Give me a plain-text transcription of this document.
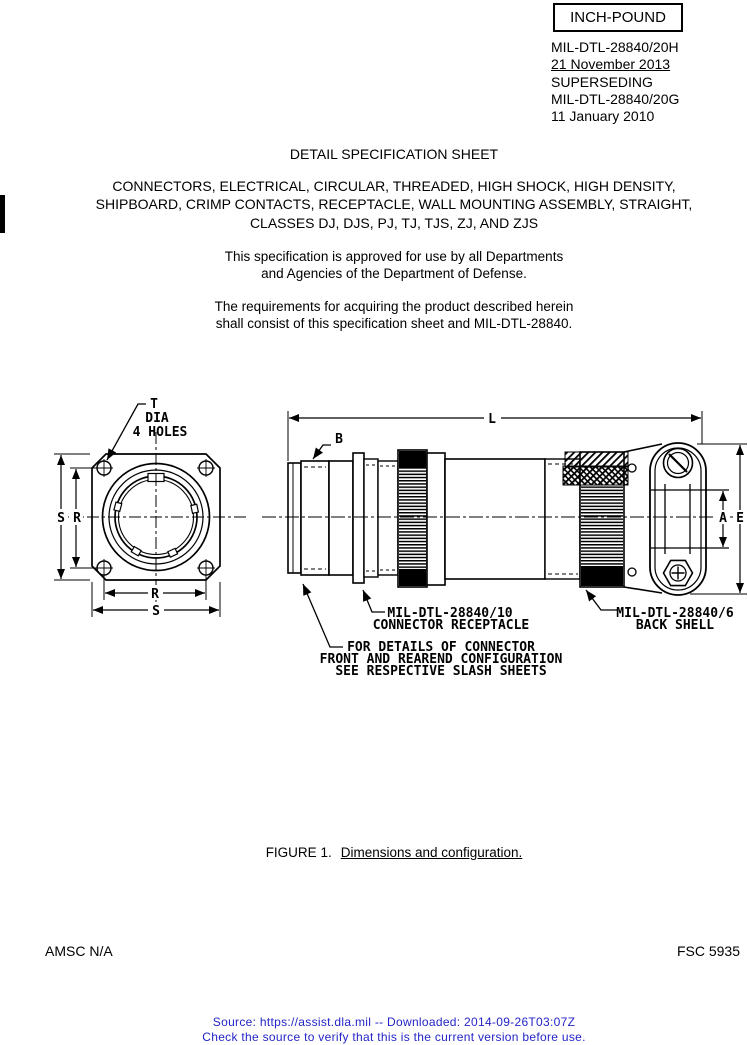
INCH-POUND
MIL-DTL-28840/20H
21 November 2013
SUPERSEDING
MIL-DTL-28840/20G
11 January 2010
DETAIL SPECIFICATION SHEET
CONNECTORS, ELECTRICAL, CIRCULAR, THREADED, HIGH SHOCK, HIGH DENSITY,
SHIPBOARD, CRIMP CONTACTS, RECEPTACLE, WALL MOUNTING ASSEMBLY, STRAIGHT,
CLASSES DJ, DJS, PJ, TJ, TJS, ZJ, AND ZJS
This specification is approved for use by all Departments
and Agencies of the Department of Defense.
The requirements for acquiring the product described herein
shall consist of this specification sheet and MIL-DTL-28840.
S R
R
S
T
DIA
4 HOLES
L
B
A E
MIL-DTL-28840/10
CONNECTOR RECEPTACLE
MIL-DTL-28840/6
BACK SHELL
FOR DETAILS OF CONNECTOR
FRONT AND REAREND CONFIGURATION
SEE RESPECTIVE SLASH SHEETS
FIGURE 1. Dimensions and configuration.
AMSC N/A	FSC 5935
Source: https://assist.dla.mil -- Downloaded: 2014-09-26T03:07Z
Check the source to verify that this is the current version before use.
